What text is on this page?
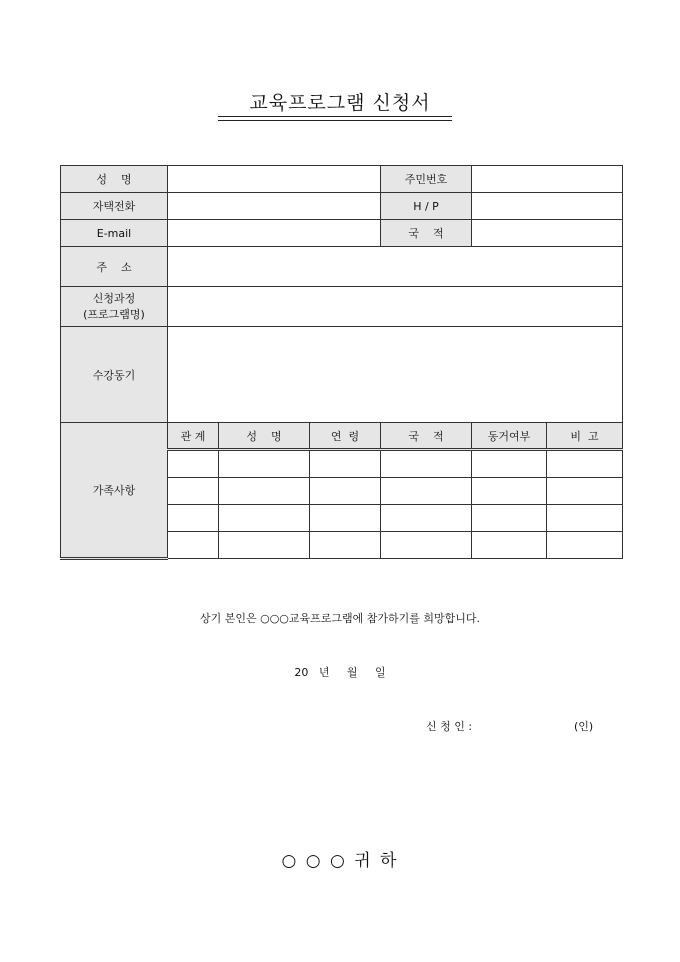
교육프로그램 신청서
성    명				주민번호		
자택전화				H / P		
E-mail				국    적		
주    소						

신청과정
(프로그램명)						

수강동기						
가족사항	관 계	성    명	연  령	국    적	동거여부	비  고

상기 본인은 ○○○교육프로그램에 참가하기를 희망합니다.
20   년     월     일
신 청 인 :	(인)
○ ○ ○ 귀 하
